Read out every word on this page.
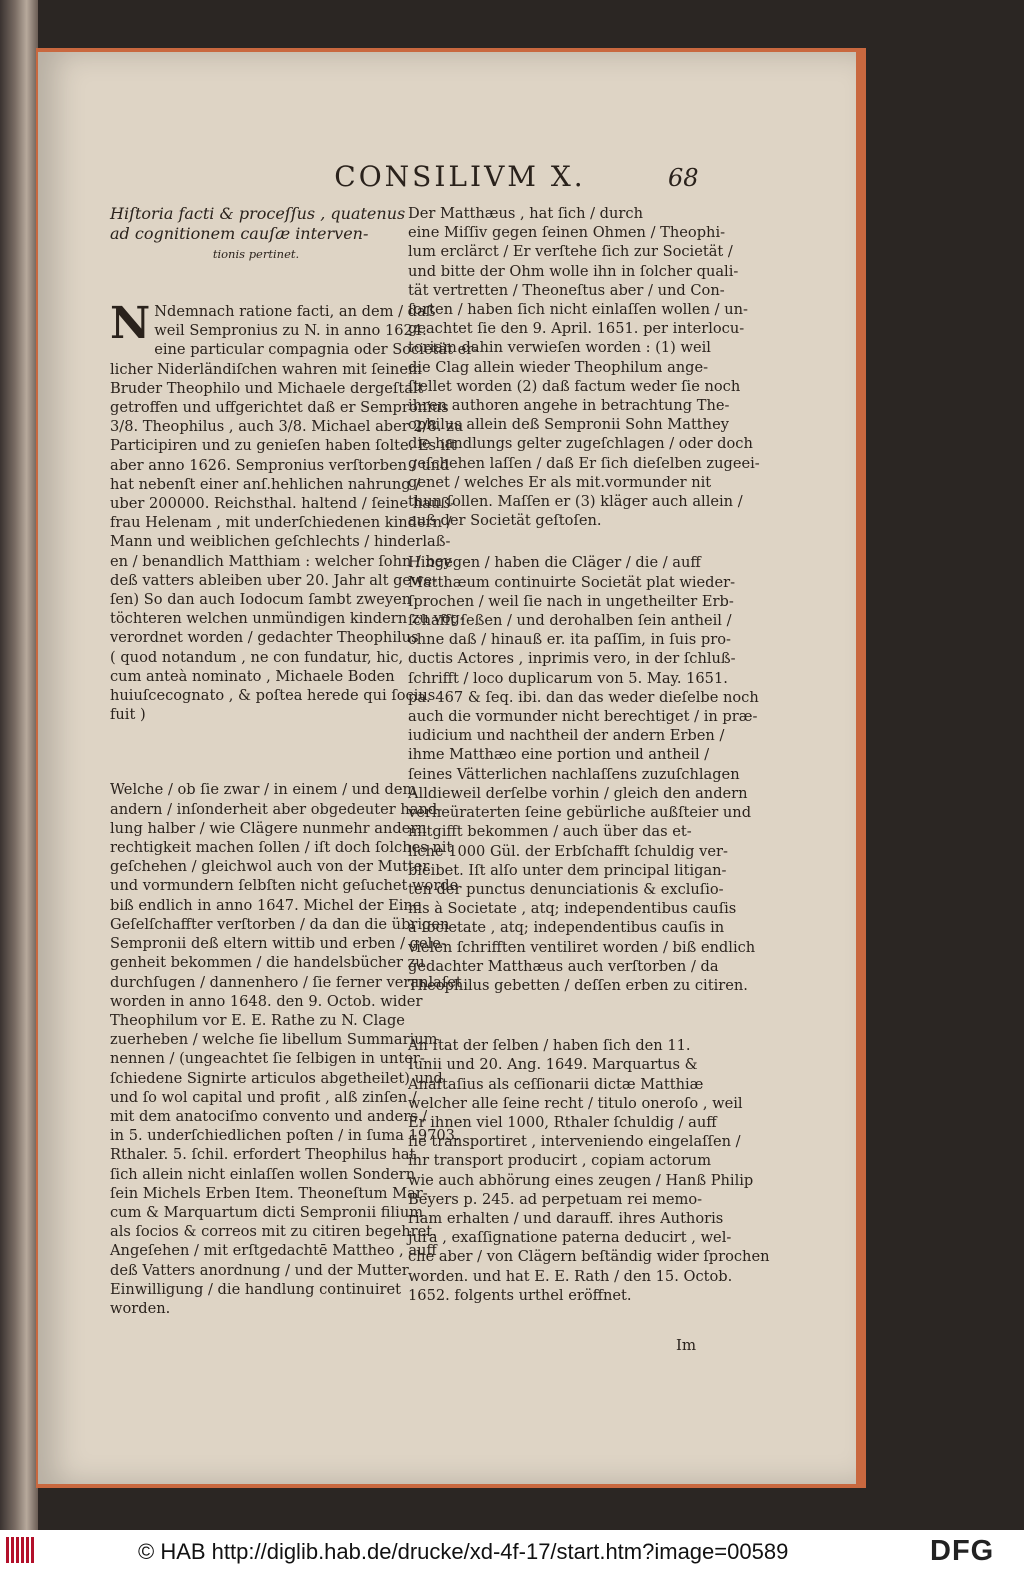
CONSILIVM X.	68
Hiſtoria facti & proceſſus , quatenus
ad cognitionem cauſæ interven-
tionis pertinet.

N Ndemnach ratione facti, an dem / daß
weil Sempronius zu N. in anno 1624.
eine particular compagnia oder Societät er-
licher Niderländiſchen wahren mit ſeinem
Bruder Theophilo und Michaele dergeſtalt
getroffen und uffgerichtet daß er Sempronius
3/8. Theophilus , auch 3/8. Michael aber 2/8. zu
Participiren und zu genieſen haben ſolte. Es iſt
aber anno 1626. Sempronius verſtorben / und
hat nebenſt einer anſ.hehlichen nahrung /
uber 200000. Reichsthal. haltend / ſeine hauß-
frau Helenam , mit underſchiedenen kindern /
Mann und weiblichen geſchlechts / hinderlaß-
en / benandlich Matthiam : welcher ſohn / bey
deß vatters ableiben uber 20. Jahr alt gewe-
ſen) So dan auch Iodocum ſambt zweyen
töchteren welchen unmündigen kindern zu vog-
verordnet worden / gedachter Theophilus
( quod notandum , ne con fundatur, hic,
cum anteà nominato , Michaele Boden
huiuſcecognato , & poſtea herede qui ſocius
fuit )

Welche / ob ſie zwar / in einem / und dem
andern / inſonderheit aber obgedeuter hand-
lung halber / wie Clägere nunmehr andern
rechtigkeit machen ſollen / iſt doch ſolches nit
geſchehen / gleichwol auch von der Mutter
und vormundern ſelbſten nicht geſuchet worde
biß endlich in anno 1647. Michel der Eine
Geſelſchaffter verſtorben / da dan die übrigen
Sempronii deß eltern wittib und erben / gele-
genheit bekommen / die handelsbücher zu
durchſugen / dannenhero / ſie ferner veranlaſet
worden in anno 1648. den 9. Octob. wider
Theophilum vor E. E. Rathe zu N. Clage
zuerheben / welche ſie libellum Summarium
nennen / (ungeachtet ſie ſelbigen in unter-
ſchiedene Signirte articulos abgetheilet) und
und ſo wol capital und profit , alß zinſen /
mit dem anatociſmo convento und anders /
in 5. underſchiedlichen poſten / in ſuma 19703.
Rthaler. 5. ſchil. erfordert Theophilus hat
ſich allein nicht einlaſſen wollen Sondern
ſein Michels Erben Item. Theoneſtum Mar-
cum & Marquartum dicti Sempronii filium
als ſocios & correos mit zu citiren begehret.
Angeſehen / mit erſtgedachtē Mattheo , auff
deß Vatters anordnung / und der Mutter
Einwilligung / die handlung continuiret
worden.

Der Matthæus , hat ſich / durch
eine Miſſiv gegen ſeinen Ohmen / Theophi-
lum erclärct / Er verſtehe ſich zur Societät /
und bitte der Ohm wolle ihn in ſolcher quali-
tät vertretten / Theoneſtus aber / und Con-
ſorten / haben ſich nicht einlaſſen wollen / un-
geachtet ſie den 9. April. 1651. per interlocu-
toriam dahin verwieſen worden : (1) weil
die Clag allein wieder Theophilum ange-
ſtellet worden (2) daß factum weder ſie noch
ihren authoren angehe in betrachtung The-
ophilus allein deß Sempronii Sohn Matthey
die handlungs gelter zugeſchlagen / oder doch
geſchehen laſſen / daß Er ſich dieſelben zugeei-
genet / welches Er als mit.vormunder nit
thun ſollen. Maſſen er (3) kläger auch allein /
auß der Societät geſtoſen.

Hingegen / haben die Cläger / die / auff
Matthæum continuirte Societät plat wieder-
ſprochen / weil ſie nach in ungetheilter Erb-
ſchafft ſeßen / und derohalben ſein antheil /
ohne daß / hinauß er. ita paſſim, in ſuis pro-
ductis Actores , inprimis vero, in der ſchluß-
ſchrifft / loco duplicarum von 5. May. 1651.
pa. 467 & ſeq. ibi. dan das weder dieſelbe noch
auch die vormunder nicht berechtiget / in præ-
iudicium und nachtheil der andern Erben /
ihme Matthæo eine portion und antheil /
ſeines Vätterlichen nachlaſſens zuzuſchlagen
Alldieweil derſelbe vorhin / gleich den andern
verheüraterten ſeine gebürliche außſteier und
mitgifft bekommen / auch über das et-
liche 1000 Gül. der Erbſchafft ſchuldig ver-
bleibet. Iſt alſo unter dem principal litigan-
ten der punctus denunciationis & excluſio-
nis à Societate , atq; independentibus cauſis
à ſocietate , atq; independentibus cauſis in
vielen ſchrifften ventiliret worden / biß endlich
gedachter Matthæus auch verſtorben / da
Theophilus gebetten / deſſen erben zu citiren.

An ſtat der ſelben / haben ſich den 11.
Iunii und 20. Ang. 1649. Marquartus &
Anaſtaſius als ceſſionarii dictæ Matthiæ
welcher alle ſeine recht / titulo oneroſo , weil
Er ihnen viel 1000, Rthaler ſchuldig / auff
ſie transportiret , interveniendo eingelaſſen /
ihr transport producirt , copiam actorum
wie auch abhörung eines zeugen / Hanß Philip
Beyers p. 245. ad perpetuam rei memo-
riam erhalten / und darauff. ihres Authoris
jura , exaſſignatione paterna deducirt , wel-
che aber / von Clägern beſtändig wider ſprochen
worden. und hat E. E. Rath / den 15. Octob.
1652. folgents urthel eröffnet.

Im
© HAB http://diglib.hab.de/drucke/xd-4f-17/start.htm?image=00589	DFG
